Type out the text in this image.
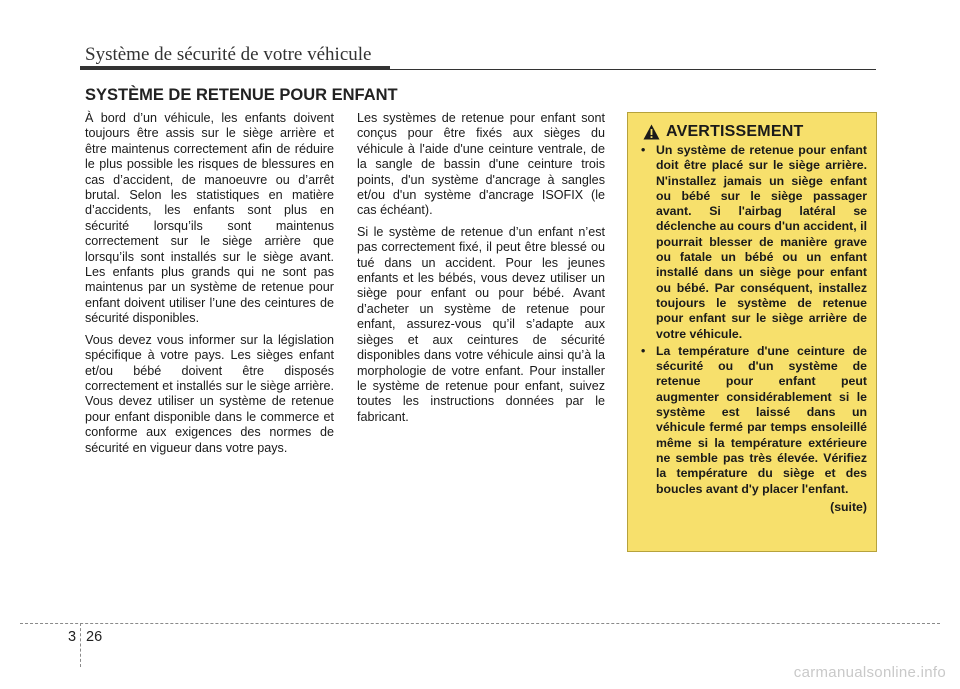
Système de sécurité de votre véhicule
SYSTÈME DE RETENUE POUR ENFANT

À bord d’un véhicule, les enfants doivent toujours être assis sur le siège arrière et être maintenus correctement afin de réduire le plus possible les risques de blessures en cas d’accident, de manoeuvre ou d’arrêt brutal. Selon les statistiques en matière d’accidents, les enfants sont plus en sécurité lorsqu’ils sont maintenus correctement sur le siège arrière que lorsqu’ils sont installés sur le siège avant. Les enfants plus grands qui ne sont pas maintenus par un système de retenue pour enfant doivent utiliser l’une des ceintures de sécurité disponibles.

Vous devez vous informer sur la législation spécifique à votre pays. Les sièges enfant et/ou bébé doivent être disposés correctement et installés sur le siège arrière. Vous devez utiliser un système de retenue pour enfant disponible dans le commerce et conforme aux exigences des normes de sécurité en vigueur dans votre pays.

Les systèmes de retenue pour enfant sont conçus pour être fixés aux sièges du véhicule à l'aide d'une ceinture ventrale, de la sangle de bassin d'une ceinture trois points, d'un système d'ancrage à sangles et/ou d'un système d'ancrage ISOFIX (le cas échéant).

Si le système de retenue d’un enfant n’est pas correctement fixé, il peut être blessé ou tué dans un accident. Pour les jeunes enfants et les bébés, vous devez utiliser un siège pour enfant ou pour bébé. Avant d’acheter un système de retenue pour enfant, assurez-vous qu’il s’adapte aux sièges et aux ceintures de sécurité disponibles dans votre véhicule ainsi qu’à la morphologie de votre enfant. Pour installer le système de retenue pour enfant, suivez toutes les instructions données par le fabricant.

AVERTISSEMENT
• Un système de retenue pour enfant doit être placé sur le siège arrière. N'installez jamais un siège enfant ou bébé sur le siège passager avant. Si l'airbag latéral se déclenche au cours d'un accident, il pourrait blesser de manière grave ou fatale un bébé ou un enfant installé dans un siège pour enfant ou bébé. Par conséquent, installez toujours le système de retenue pour enfant sur le siège arrière de votre véhicule.
• La température d'une ceinture de sécurité ou d'un système de retenue pour enfant peut augmenter considérablement si le système est laissé dans un véhicule fermé par temps ensoleillé même si la température extérieure ne semble pas très élevée. Vérifiez la température du siège et des boucles avant d'y placer l'enfant.
(suite)
3 26
carmanualsonline.info
